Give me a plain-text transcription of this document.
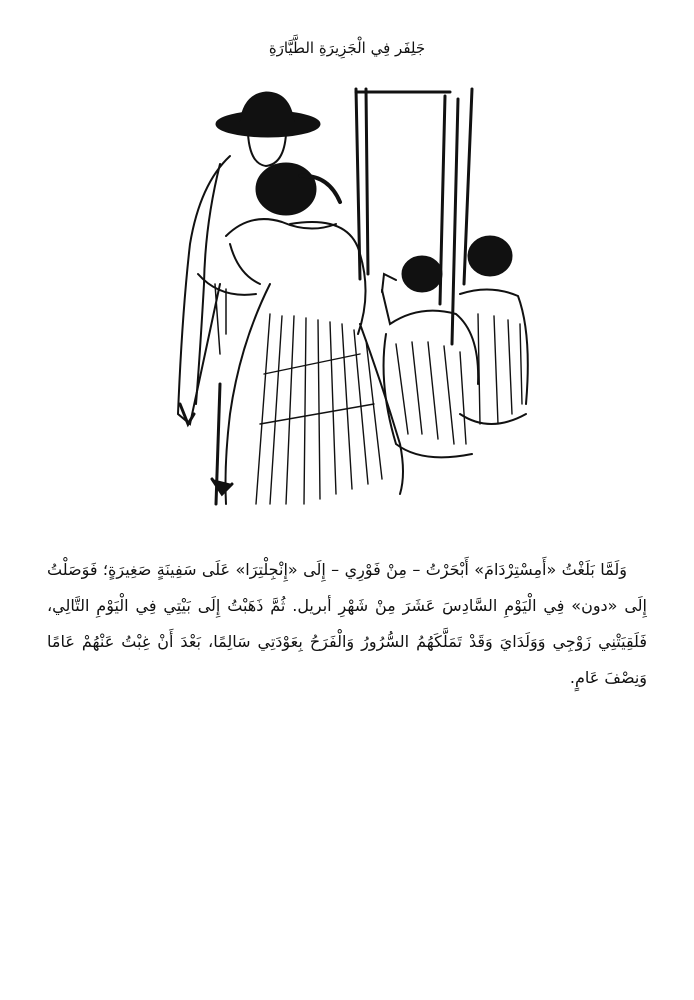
جَلِفَر فِي الْجَزِيرَةِ الطَّيَّارَةِ

وَلَمَّا بَلَغْتُ «أَمِسْتِرْدَامَ» أَبْحَرْتُ – مِنْ فَوْرِي – إِلَى «إِنْجِلْتِرَا» عَلَى سَفِينَةٍ صَغِيرَةٍ؛ فَوَصَلْتُ إِلَى «دون» فِي الْيَوْمِ السَّادِسَ عَشَرَ مِنْ شَهْرِ أبريل. ثُمَّ ذَهَبْتُ إِلَى بَيْتِي فِي الْيَوْمِ التَّالِي، فَلَقِيَتْنِي زَوْجِي وَوَلَدَايَ وَقَدْ تَمَلَّكَهُمُ السُّرُورُ وَالْفَرَحُ بِعَوْدَتِي سَالِمًا، بَعْدَ أَنْ غِبْتُ عَنْهُمْ عَامًا وَنِصْفَ عَامٍ.
